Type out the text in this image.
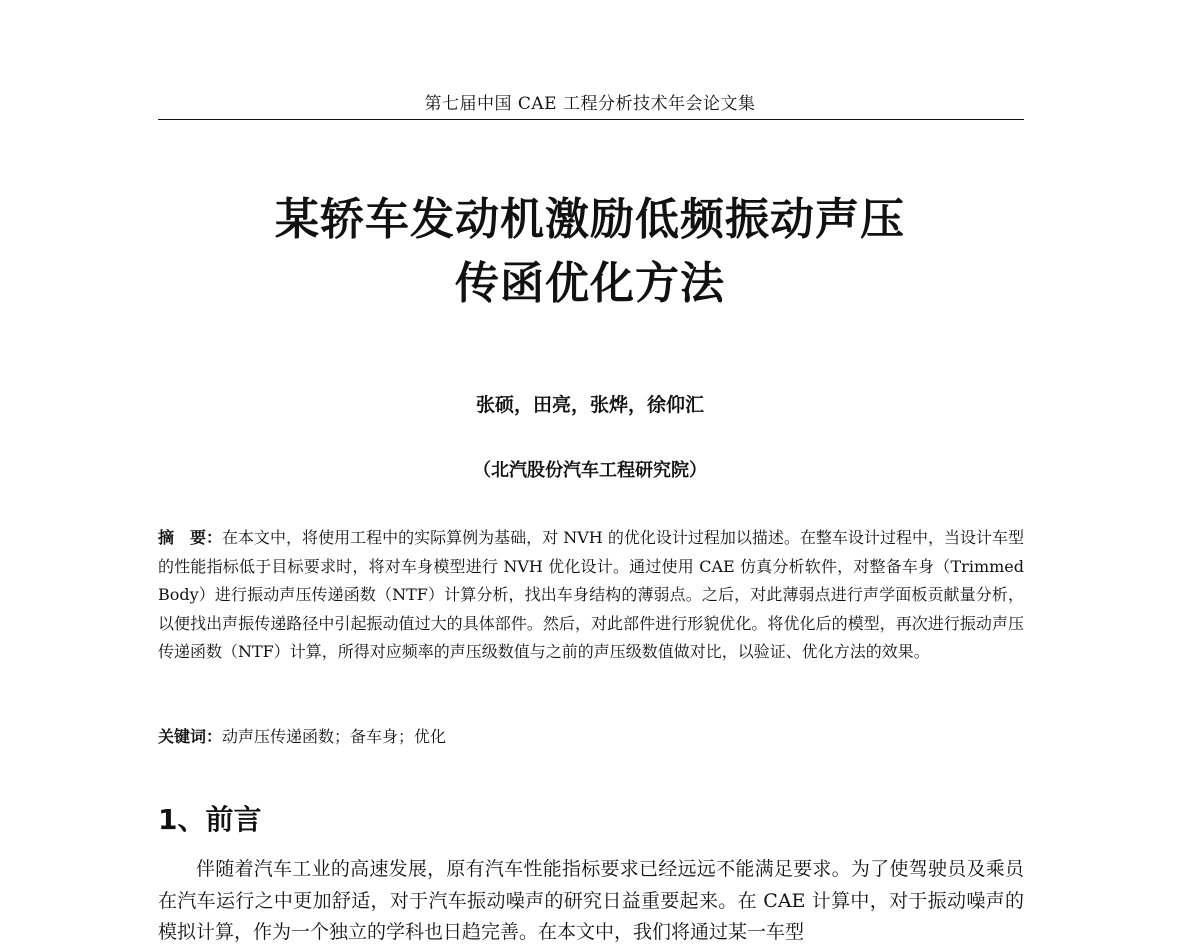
第七届中国 CAE 工程分析技术年会论文集
某轿车发动机激励低频振动声压
传函优化方法
张硕，田亮，张烨，徐仰汇
（北汽股份汽车工程研究院）
摘　要：在本文中，将使用工程中的实际算例为基础，对 NVH 的优化设计过程加以描述。在整车设计过程中，当设计车型的性能指标低于目标要求时，将对车身模型进行 NVH 优化设计。通过使用 CAE 仿真分析软件，对整备车身（Trimmed Body）进行振动声压传递函数（NTF）计算分析，找出车身结构的薄弱点。之后，对此薄弱点进行声学面板贡献量分析，以便找出声振传递路径中引起振动值过大的具体部件。然后，对此部件进行形貌优化。将优化后的模型，再次进行振动声压传递函数（NTF）计算，所得对应频率的声压级数值与之前的声压级数值做对比，以验证、优化方法的效果。
关键词：动声压传递函数；备车身；优化
1、前言
伴随着汽车工业的高速发展，原有汽车性能指标要求已经远远不能满足要求。为了使驾驶员及乘员在汽车运行之中更加舒适，对于汽车振动噪声的研究日益重要起来。在 CAE 计算中，对于振动噪声的模拟计算，作为一个独立的学科也日趋完善。在本文中，我们将通过某一车型
